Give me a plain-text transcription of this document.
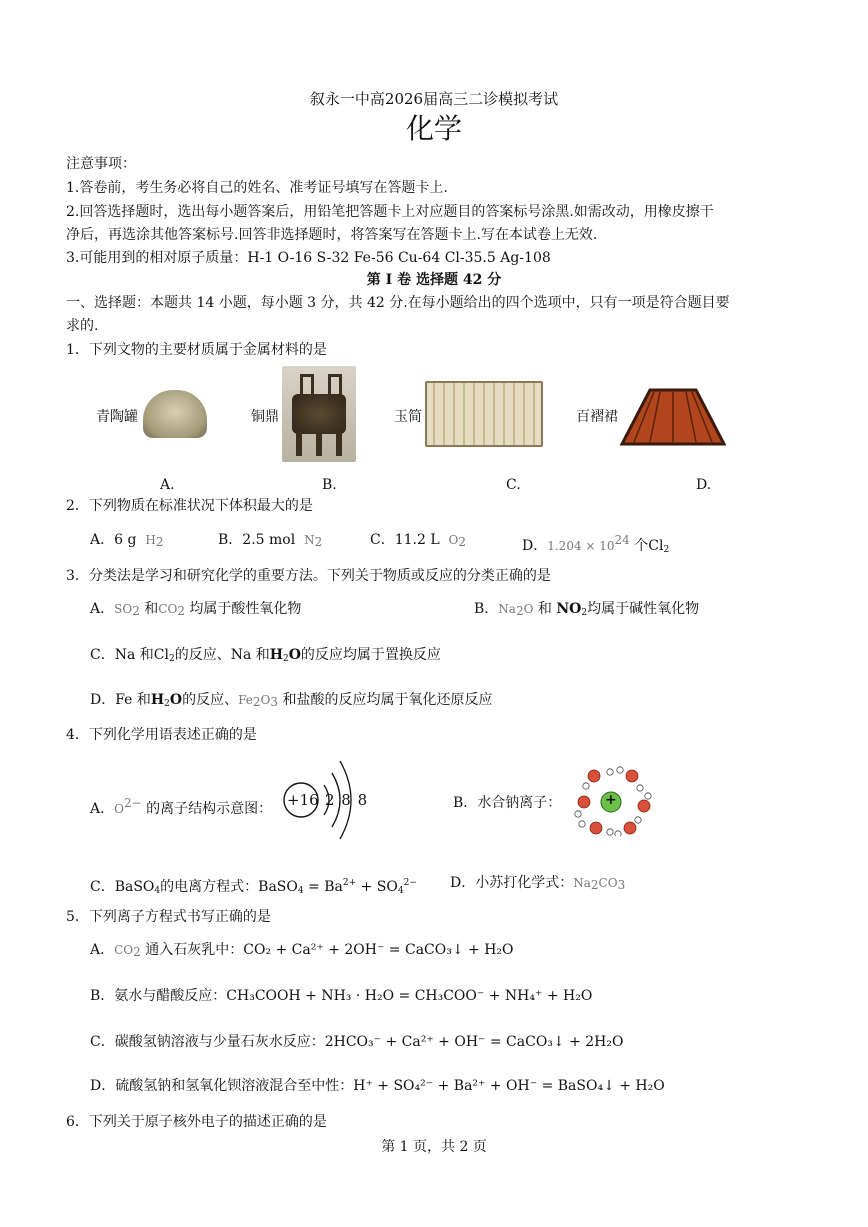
叙永一中高2026届高三二诊模拟考试
化学
注意事项：
1.答卷前，考生务必将自己的姓名、准考证号填写在答题卡上.
2.回答选择题时，选出每小题答案后，用铅笔把答题卡上对应题目的答案标号涂黑.如需改动，用橡皮擦干
净后，再选涂其他答案标号.回答非选择题时，将答案写在答题卡上.写在本试卷上无效.
3.可能用到的相对原子质量：H-1 O-16 S-32 Fe-56 Cu-64 Cl-35.5 Ag-108
第 I 卷 选择题 42 分
一、选择题：本题共 14 小题，每小题 3 分，共 42 分.在每小题给出的四个选项中，只有一项是符合题目要
求的.
1．下列文物的主要材质属于金属材料的是
青陶罐	铜鼎	玉简	百褶裙
A.	B.	C.	D.
2．下列物质在标准状况下体积最大的是
A．6 g H2	B．2.5 mol N2	C．11.2 L O2	D．1.204 × 1024 个$Cl_2$
3．分类法是学习和研究化学的重要方法。下列关于物质或反应的分类正确的是
A．SO2 和CO2 均属于酸性氧化物	B．Na2O 和 $NO_2$均属于碱性氧化物
C．Na 和$Cl_2$的反应、Na 和$H_2O$的反应均属于置换反应
D．Fe 和$H_2O$的反应、Fe2O3 和盐酸的反应均属于氧化还原反应
4．下列化学用语表述正确的是
A．O2− 的离子结构示意图： +16 2 8 8	B．水合钠离子：	+
C．BaSO$_4$的电离方程式：BaSO$_4$ = $Ba^{2+} + SO_4^{2-}$ D．小苏打化学式：Na2CO3
5．下列离子方程式书写正确的是
A．CO2 通入石灰乳中：CO₂ + Ca²⁺ + 2OH⁻ = CaCO₃↓ + H₂O
B．氨水与醋酸反应：CH₃COOH + NH₃ · H₂O = CH₃COO⁻ + NH₄⁺ + H₂O
C．碳酸氢钠溶液与少量石灰水反应：2HCO₃⁻ + Ca²⁺ + OH⁻ = CaCO₃↓ + 2H₂O
D．硫酸氢钠和氢氧化钡溶液混合至中性：H⁺ + SO₄²⁻ + Ba²⁺ + OH⁻ = BaSO₄↓ + H₂O
6．下列关于原子核外电子的描述正确的是
第 1 页，共 2 页
